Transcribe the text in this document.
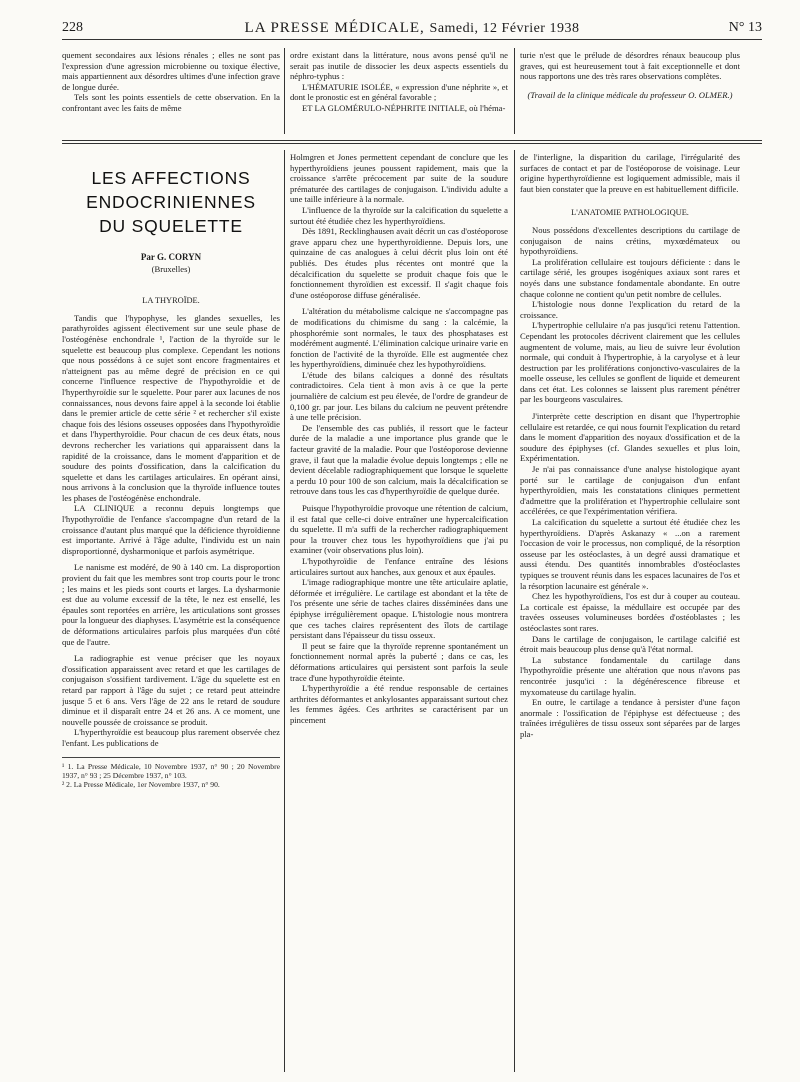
228	LA PRESSE MÉDICALE, Samedi, 12 Février 1938	N° 13

quement secondaires aux lésions rénales ; elles ne sont pas l'expression d'une agression microbienne ou toxique élective, mais appartiennent aux désordres ultimes d'une infection grave de longue durée.

Tels sont les points essentiels de cette observation. En la confrontant avec les faits de même

ordre existant dans la littérature, nous avons pensé qu'il ne serait pas inutile de dissocier les deux aspects essentiels du néphro-typhus :

L'HÉMATURIE ISOLÉE, « expression d'une néphrite », et dont le pronostic est en général favorable ;

ET LA GLOMÉRULO-NÉPHRITE INITIALE, où l'héma-

turie n'est que le prélude de désordres rénaux beaucoup plus graves, qui est heureusement tout à fait exceptionnelle et dont nous rapportons une des très rares observations complètes.

(Travail de la clinique médicale du professeur O. OLMER.)

LES AFFECTIONS
ENDOCRINIENNES
DU SQUELETTE
Par G. CORYN
(Bruxelles)

LA THYROÏDE.

Tandis que l'hypophyse, les glandes sexuelles, les parathyroïdes agissent électivement sur une seule phase de l'ostéogénèse enchondrale ¹, l'action de la thyroïde sur le squelette est beaucoup plus complexe. Cependant les notions que nous possédons à ce sujet sont encore fragmentaires et n'atteignent pas au même degré de précision en ce qui concerne l'influence respective de l'hypothyroïdie et de l'hyperthyroïdie sur le squelette. Pour parer aux lacunes de nos connaissances, nous devons faire appel à la seconde loi établie dans le premier article de cette série ² et rechercher s'il existe chaque fois des lésions osseuses opposées dans l'hypothyroïdie et dans l'hyperthyroïdie. Pour chacun de ces deux états, nous devrons rechercher les variations qui apparaissent dans la rapidité de la croissance, dans le moment d'apparition et de soudure des points d'ossification, dans la calcification du squelette et dans les cartilages articulaires. En opérant ainsi, nous arrivons à la conclusion que la thyroïde influence toutes les phases de l'ostéogénèse enchondrale.

LA CLINIQUE a reconnu depuis longtemps que l'hypothyroïdie de l'enfance s'accompagne d'un retard de la croissance d'autant plus marqué que la déficience thyroïdienne est importante. Arrivé à l'âge adulte, l'individu est un nain disproportionné, dysharmonique et parfois asymétrique.

Le nanisme est modéré, de 90 à 140 cm. La disproportion provient du fait que les membres sont trop courts pour le tronc ; les mains et les pieds sont courts et larges. La dysharmonie est due au volume excessif de la tête, le nez est ensellé, les épaules sont reportées en arrière, les articulations sont grosses pour la longueur des diaphyses. L'asymétrie est la conséquence de déformations articulaires parfois plus marquées d'un côté que de l'autre.

La radiographie est venue préciser que les noyaux d'ossification apparaissent avec retard et que les cartilages de conjugaison s'ossifient tardivement. L'âge du squelette est en retard par rapport à l'âge du sujet ; ce retard peut atteindre jusque 5 et 6 ans. Vers l'âge de 22 ans le retard de soudure diminue et il disparaît entre 24 et 26 ans. A ce moment, une nouvelle poussée de croissance se produit.

L'hyperthyroïdie est beaucoup plus rarement observée chez l'enfant. Les publications de

¹ 1. La Presse Médicale, 10 Novembre 1937, n° 90 ; 20 Novembre 1937, n° 93 ; 25 Décembre 1937, n° 103.

² 2. La Presse Médicale, 1er Novembre 1937, n° 90.

Holmgren et Jones permettent cependant de conclure que les hyperthyroïdiens jeunes poussent rapidement, mais que la croissance s'arrête précocement par suite de la soudure prématurée des cartilages de conjugaison. L'individu adulte a une taille inférieure à la normale.

L'influence de la thyroïde sur la calcification du squelette a surtout été étudiée chez les hyperthyroïdiens.

Dès 1891, Recklinghausen avait décrit un cas d'ostéoporose grave apparu chez une hyperthyroïdienne. Depuis lors, une quinzaine de cas analogues à celui décrit plus loin ont été publiés. Des études plus récentes ont montré que la décalcification du squelette se produit chaque fois que le fonctionnement thyroïdien est excessif. Il s'agit chaque fois d'une ostéoporose diffuse généralisée.

L'altération du métabolisme calcique ne s'accompagne pas de modifications du chimisme du sang : la calcémie, la phosphorémie sont normales, le taux des phosphatases est modérément augmenté. L'élimination calcique urinaire varie en fonction de l'activité de la thyroïde. Elle est augmentée chez les hyperthyroïdiens, diminuée chez les hypothyroïdiens.

L'étude des bilans calciques a donné des résultats contradictoires. Cela tient à mon avis à ce que la perte journalière de calcium est peu élevée, de l'ordre de grandeur de 0,100 gr. par jour. Les bilans du calcium ne peuvent prétendre à une telle précision.

De l'ensemble des cas publiés, il ressort que le facteur durée de la maladie a une importance plus grande que le facteur gravité de la maladie. Pour que l'ostéoporose devienne grave, il faut que la maladie évolue depuis longtemps ; elle ne devient décelable radiographiquement que lorsque le squelette a perdu 10 pour 100 de son calcium, mais la décalcification se retrouve dans tous les cas d'hyperthyroïdie de quelque durée.

Puisque l'hypothyroïdie provoque une rétention de calcium, il est fatal que celle-ci doive entraîner une hypercalcification du squelette. Il m'a suffi de la rechercher radiographiquement pour la trouver chez tous les hypothyroïdiens que j'ai pu examiner (voir observations plus loin).

L'hypothyroïdie de l'enfance entraîne des lésions articulaires surtout aux hanches, aux genoux et aux épaules.

L'image radiographique montre une tête articulaire aplatie, déformée et irrégulière. Le cartilage est abondant et la tête de l'os présente une série de taches claires disséminées dans une épiphyse irrégulièrement opaque. L'histologie nous montrera que ces taches claires représentent des îlots de cartilage persistant dans l'épaisseur du tissu osseux.

Il peut se faire que la thyroïde reprenne spontanément un fonctionnement normal après la puberté ; dans ce cas, les déformations articulaires qui persistent sont parfois la seule trace d'une hypothyroïdie éteinte.

L'hyperthyroïdie a été rendue responsable de certaines arthrites déformantes et ankylosantes apparaissant surtout chez les femmes âgées. Ces arthrites se caractérisent par un pincement

de l'interligne, la disparition du carilage, l'irrégularité des surfaces de contact et par de l'ostéoporose de voisinage. Leur origine hyperthyroïdienne est logiquement admissible, mais il faut bien constater que la preuve en est habituellement difficile.

L'ANATOMIE PATHOLOGIQUE.

Nous possédons d'excellentes descriptions du cartilage de conjugaison de nains crétins, myxœdémateux ou hypothyroïdiens.

La prolifération cellulaire est toujours déficiente : dans le cartilage sérié, les groupes isogéniques axiaux sont rares et noyés dans une substance fondamentale abondante. En outre chaque colonne ne contient qu'un petit nombre de cellules.

L'histologie nous donne l'explication du retard de la croissance.

L'hypertrophie cellulaire n'a pas jusqu'ici retenu l'attention. Cependant les protocoles décrivent clairement que les cellules augmentent de volume, mais, au lieu de suivre leur évolution normale, qui conduit à l'hypertrophie, à la caryolyse et à leur destruction par les proliférations conjonctivo-vasculaires de la moelle osseuse, les cellules se gonflent de liquide et demeurent dans cet état. Les colonnes se laissent plus rarement pénétrer par les bourgeons vasculaires.

J'interprète cette description en disant que l'hypertrophie cellulaire est retardée, ce qui nous fournit l'explication du retard dans le moment d'apparition des noyaux d'ossification et de la soudure des épiphyses (cf. Glandes sexuelles et plus loin, Expérimentation.

Je n'ai pas connaissance d'une analyse histologique ayant porté sur le cartilage de conjugaison d'un enfant hyperthyroïdien, mais les constatations cliniques permettent d'admettre que la prolifération et l'hypertrophie cellulaire sont accélérées, ce que l'expérimentation vérifiera.

La calcification du squelette a surtout été étudiée chez les hyperthyroïdiens. D'après Askanazy « ...on a rarement l'occasion de voir le processus, non compliqué, de la résorption osseuse par les ostéoclastes, à un degré aussi dramatique et aussi étendu. Des quantités innombrables d'ostéoclastes typiques se trouvent réunis dans les espaces lacunaires de l'os et la résorption lacunaire est générale ».

Chez les hypothyroïdiens, l'os est dur à couper au couteau. La corticale est épaisse, la médullaire est occupée par des travées osseuses volumineuses bordées d'ostéoblastes ; les ostéoclastes sont rares.

Dans le cartilage de conjugaison, le cartilage calcifié est étroit mais beaucoup plus dense qu'à l'état normal.

La substance fondamentale du cartilage dans l'hypothyroïdie présente une altération que nous n'avons pas rencontrée jusqu'ici : la dégénérescence fibreuse et myxomateuse du cartilage hyalin.

En outre, le cartilage a tendance à persister d'une façon anormale : l'ossification de l'épiphyse est défectueuse ; des traînées irrégulières de tissu osseux sont séparées par de larges pla-
